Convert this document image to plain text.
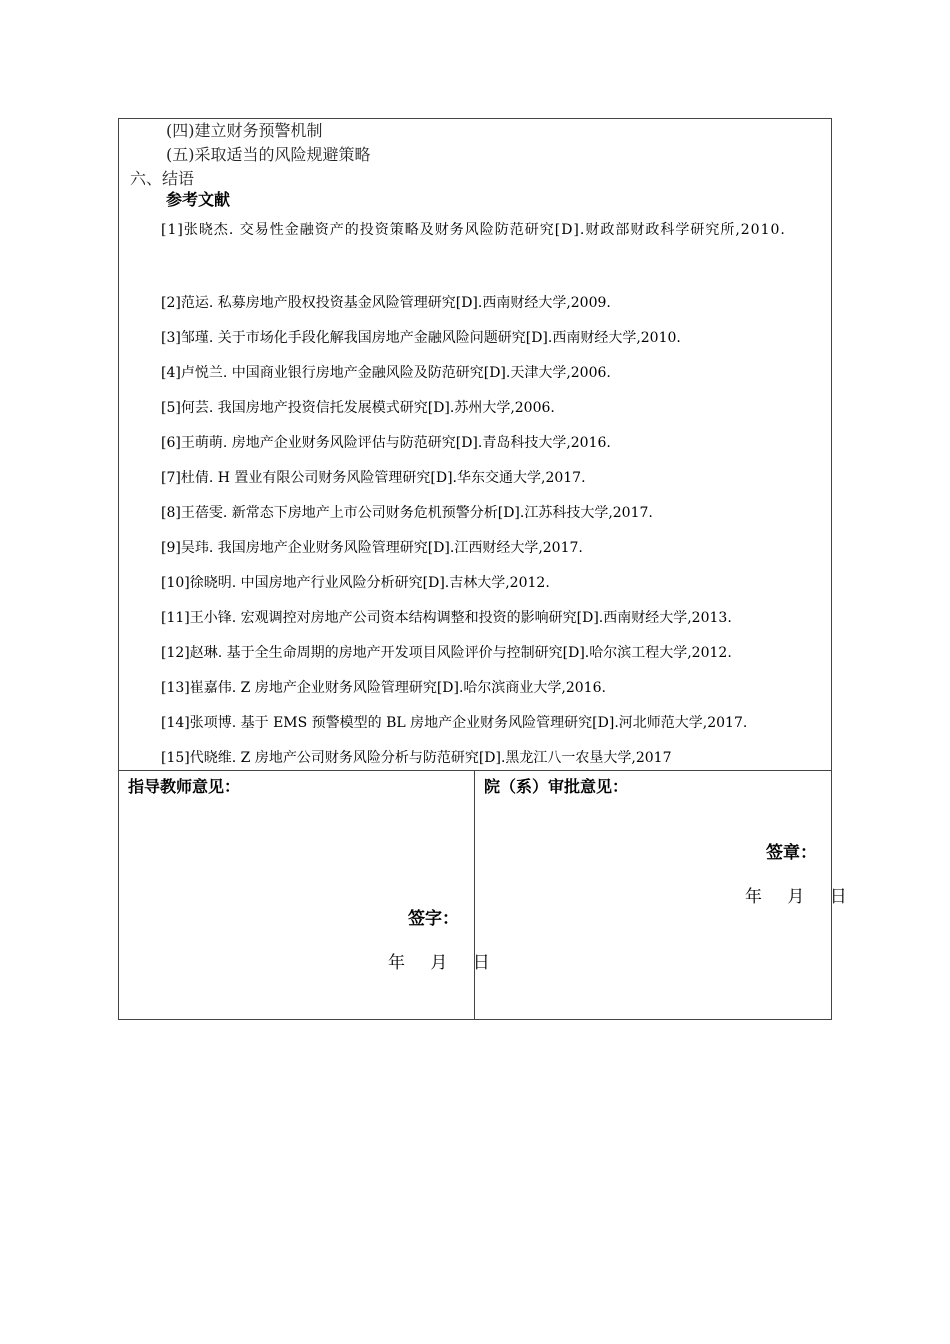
(四)建立财务预警机制
(五)采取适当的风险规避策略
六、结语
参考文献
[1]张晓杰. 交易性金融资产的投资策略及财务风险防范研究[D].财政部财政科学研究所,2010.
[2]范运. 私募房地产股权投资基金风险管理研究[D].西南财经大学,2009.
[3]邹瑾. 关于市场化手段化解我国房地产金融风险问题研究[D].西南财经大学,2010.
[4]卢悦兰. 中国商业银行房地产金融风险及防范研究[D].天津大学,2006.
[5]何芸. 我国房地产投资信托发展模式研究[D].苏州大学,2006.
[6]王萌萌. 房地产企业财务风险评估与防范研究[D].青岛科技大学,2016.
[7]杜倩. H 置业有限公司财务风险管理研究[D].华东交通大学,2017.
[8]王蓓雯. 新常态下房地产上市公司财务危机预警分析[D].江苏科技大学,2017.
[9]吴玮. 我国房地产企业财务风险管理研究[D].江西财经大学,2017.
[10]徐晓明. 中国房地产行业风险分析研究[D].吉林大学,2012.
[11]王小锋. 宏观调控对房地产公司资本结构调整和投资的影响研究[D].西南财经大学,2013.
[12]赵琳. 基于全生命周期的房地产开发项目风险评价与控制研究[D].哈尔滨工程大学,2012.
[13]崔嘉伟. Z 房地产企业财务风险管理研究[D].哈尔滨商业大学,2016.
[14]张项博. 基于 EMS 预警模型的 BL 房地产企业财务风险管理研究[D].河北师范大学,2017.
[15]代晓维. Z 房地产公司财务风险分析与防范研究[D].黑龙江八一农垦大学,2017
指导教师意见：
签字：
年 月 日
院（系）审批意见：
签章：
年 月 日
